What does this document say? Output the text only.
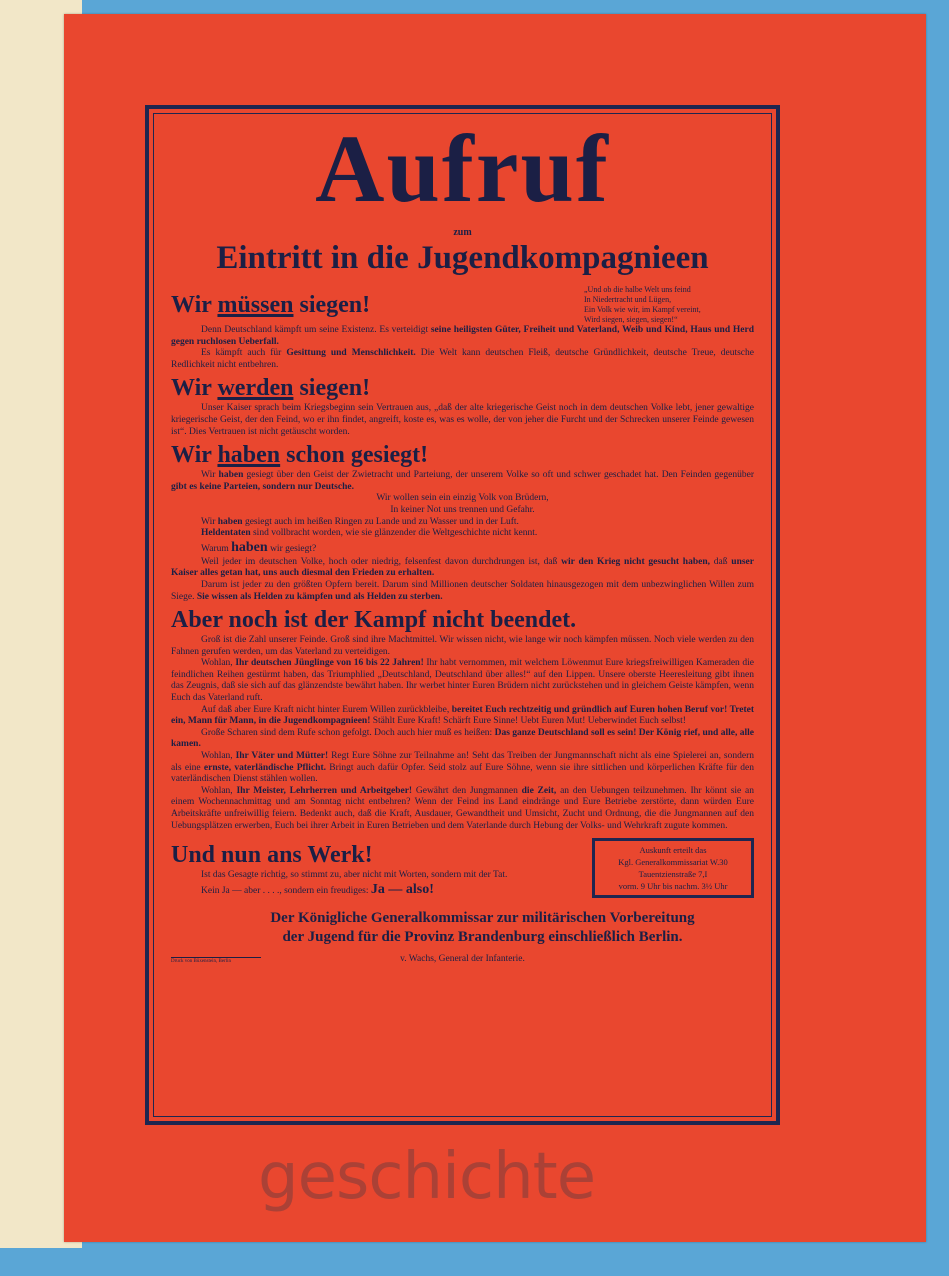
Aufruf
zum
Eintritt in die Jugendkompagnieen
Wir müssen siegen!
„Und ob die halbe Welt uns feind
In Niedertracht und Lügen,
Ein Volk wie wir, im Kampf vereint,
Wird siegen, siegen, siegen!“

Denn Deutschland kämpft um seine Existenz. Es verteidigt seine heiligsten Güter, Freiheit und Vaterland, Weib und Kind, Haus und Herd gegen ruchlosen Ueberfall.

Es kämpft auch für Gesittung und Menschlichkeit. Die Welt kann deutschen Fleiß, deutsche Gründlichkeit, deutsche Treue, deutsche Redlichkeit nicht entbehren.

Wir werden siegen!

Unser Kaiser sprach beim Kriegsbeginn sein Vertrauen aus, „daß der alte kriegerische Geist noch in dem deutschen Volke lebt, jener gewaltige kriegerische Geist, der den Feind, wo er ihn findet, angreift, koste es, was es wolle, der von jeher die Furcht und der Schrecken unserer Feinde gewesen ist“. Dies Vertrauen ist nicht getäuscht worden.

Wir haben schon gesiegt!

Wir haben gesiegt über den Geist der Zwietracht und Parteiung, der unserem Volke so oft und schwer geschadet hat. Den Feinden gegenüber gibt es keine Parteien, sondern nur Deutsche.

Wir wollen sein ein einzig Volk von Brüdern,

In keiner Not uns trennen und Gefahr.

Wir haben gesiegt auch im heißen Ringen zu Lande und zu Wasser und in der Luft.

Heldentaten sind vollbracht worden, wie sie glänzender die Weltgeschichte nicht kennt.

Warum haben wir gesiegt?

Weil jeder im deutschen Volke, hoch oder niedrig, felsenfest davon durchdrungen ist, daß wir den Krieg nicht gesucht haben, daß unser Kaiser alles getan hat, uns auch diesmal den Frieden zu erhalten.

Darum ist jeder zu den größten Opfern bereit. Darum sind Millionen deutscher Soldaten hinausgezogen mit dem unbezwinglichen Willen zum Siege. Sie wissen als Helden zu kämpfen und als Helden zu sterben.

Aber noch ist der Kampf nicht beendet.

Groß ist die Zahl unserer Feinde. Groß sind ihre Machtmittel. Wir wissen nicht, wie lange wir noch kämpfen müssen. Noch viele werden zu den Fahnen gerufen werden, um das Vaterland zu verteidigen.

Wohlan, Ihr deutschen Jünglinge von 16 bis 22 Jahren! Ihr habt vernommen, mit welchem Löwenmut Eure kriegsfreiwilligen Kameraden die feindlichen Reihen gestürmt haben, das Triumphlied „Deutschland, Deutschland über alles!“ auf den Lippen. Unsere oberste Heeresleitung gibt ihnen das Zeugnis, daß sie sich auf das glänzendste bewährt haben. Ihr werbet hinter Euren Brüdern nicht zurückstehen und in gleichem Geiste kämpfen, wenn Euch das Vaterland ruft.

Auf daß aber Eure Kraft nicht hinter Eurem Willen zurückbleibe, bereitet Euch rechtzeitig und gründlich auf Euren hohen Beruf vor! Tretet ein, Mann für Mann, in die Jugendkompagnieen! Stählt Eure Kraft! Schärft Eure Sinne! Uebt Euren Mut! Ueberwindet Euch selbst!

Große Scharen sind dem Rufe schon gefolgt. Doch auch hier muß es heißen: Das ganze Deutschland soll es sein! Der König rief, und alle, alle kamen.

Wohlan, Ihr Väter und Mütter! Regt Eure Söhne zur Teilnahme an! Seht das Treiben der Jungmannschaft nicht als eine Spielerei an, sondern als eine ernste, vaterländische Pflicht. Bringt auch dafür Opfer. Seid stolz auf Eure Söhne, wenn sie ihre sittlichen und körperlichen Kräfte für den vaterländischen Dienst stählen wollen.

Wohlan, Ihr Meister, Lehrherren und Arbeitgeber! Gewährt den Jungmannen die Zeit, an den Uebungen teilzunehmen. Ihr könnt sie an einem Wochennachmittag und am Sonntag nicht entbehren? Wenn der Feind ins Land eindränge und Eure Betriebe zerstörte, dann würden Eure Arbeitskräfte unfreiwillig feiern. Bedenkt auch, daß die Kraft, Ausdauer, Gewandtheit und Umsicht, Zucht und Ordnung, die die Jungmannen auf den Uebungsplätzen erwerben, Euch bei ihrer Arbeit in Euren Betrieben und dem Vaterlande durch Hebung der Volks- und Wehrkraft zugute kommen.

Und nun ans Werk!

Ist das Gesagte richtig, so stimmt zu, aber nicht mit Worten, sondern mit der Tat.

Kein Ja — aber . . . ., sondern ein freudiges: Ja — also!

Auskunft erteilt das
Kgl. Generalkommissariat W.30
Tauentzienstraße 7,I
vorm. 9 Uhr bis nachm. 3½ Uhr
Der Königliche Generalkommissar zur militärischen Vorbereitung
der Jugend für die Provinz Brandenburg einschließlich Berlin.
Druck von Büxenstein, Berlin	v. Wachs, General der Infanterie.
geschichte
